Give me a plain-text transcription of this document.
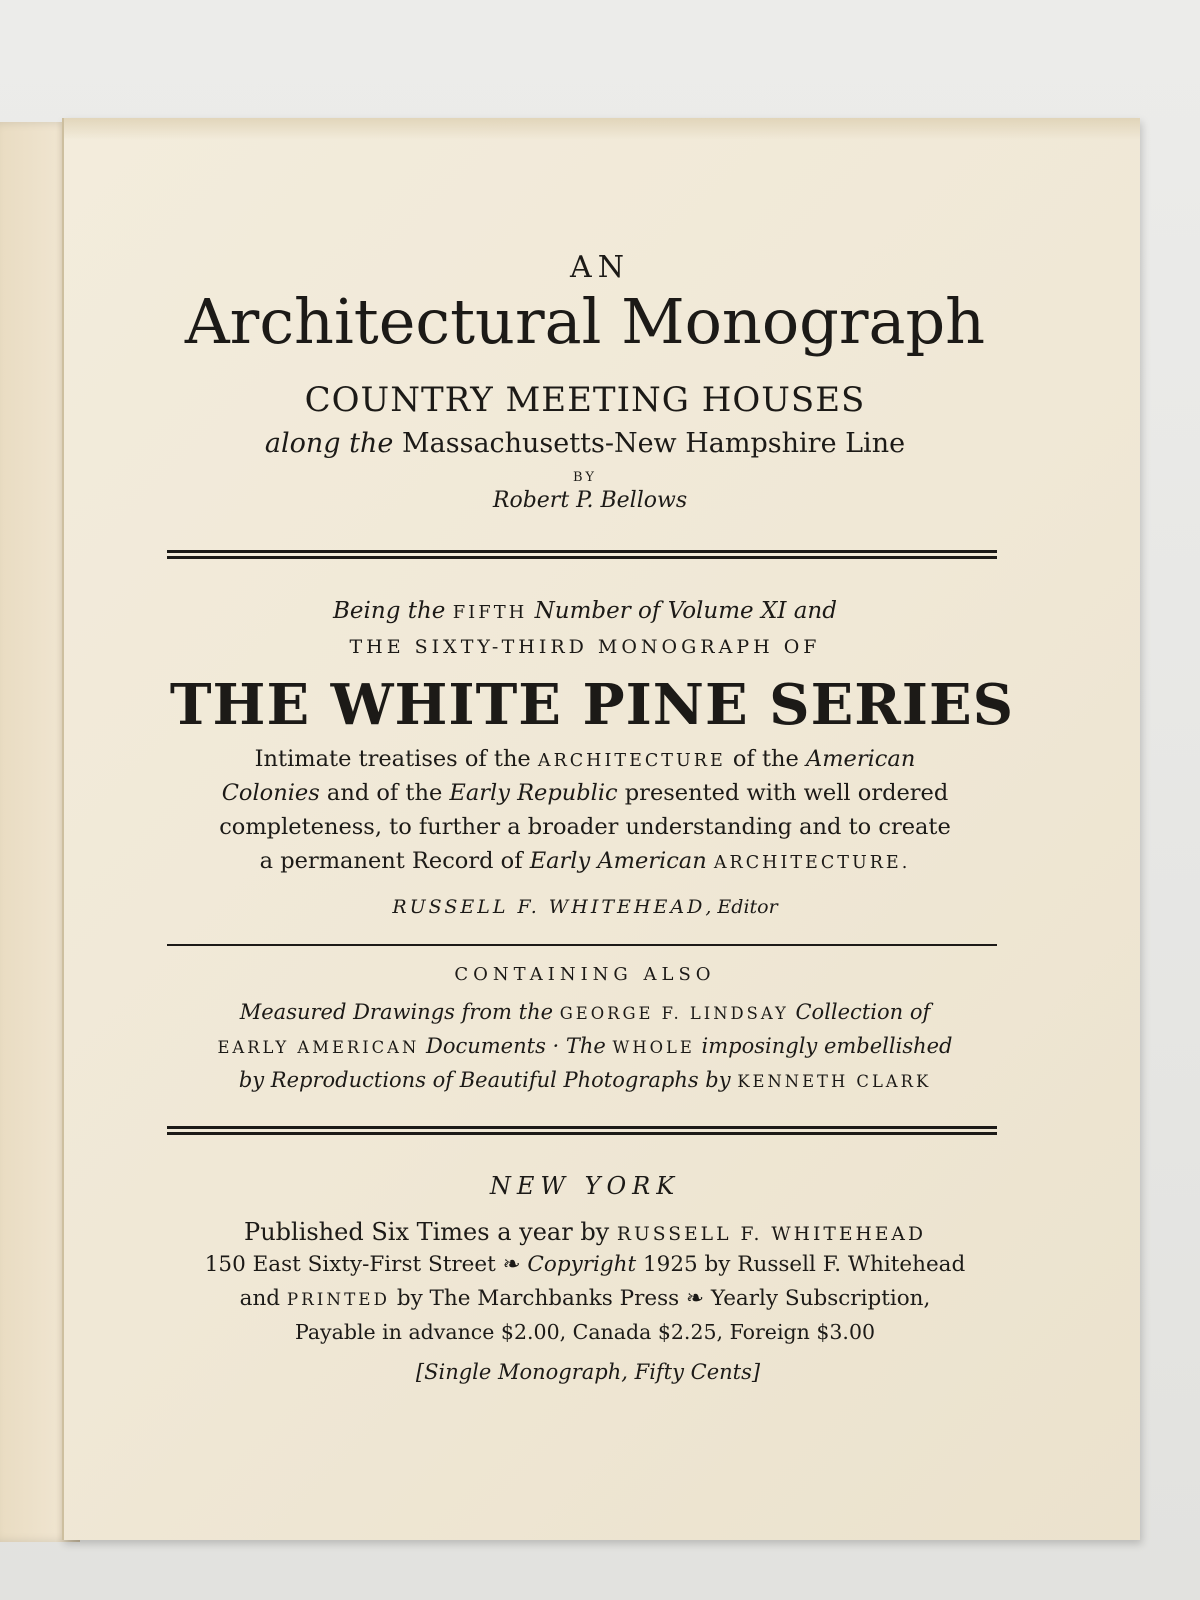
AN
Architectural Monograph
COUNTRY MEETING HOUSES
along the Massachusetts-New Hampshire Line
BY
Robert P. Bellows
Being the FIFTH Number of Volume XI and
THE SIXTY-THIRD MONOGRAPH OF
THE WHITE PINE SERIES
Intimate treatises of the ARCHITECTURE of the American
Colonies and of the Early Republic presented with well ordered
completeness, to further a broader understanding and to create
a permanent Record of Early American ARCHITECTURE.
RUSSELL F. WHITEHEAD, Editor
CONTAINING ALSO
Measured Drawings from the GEORGE F. LINDSAY Collection of
EARLY AMERICAN Documents · The WHOLE imposingly embellished
by Reproductions of Beautiful Photographs by KENNETH CLARK
NEW YORK
Published Six Times a year by RUSSELL F. WHITEHEAD
150 East Sixty-First Street ❧ Copyright 1925 by Russell F. Whitehead
and PRINTED by The Marchbanks Press ❧ Yearly Subscription,
Payable in advance $2.00, Canada $2.25, Foreign $3.00
[Single Monograph, Fifty Cents]
